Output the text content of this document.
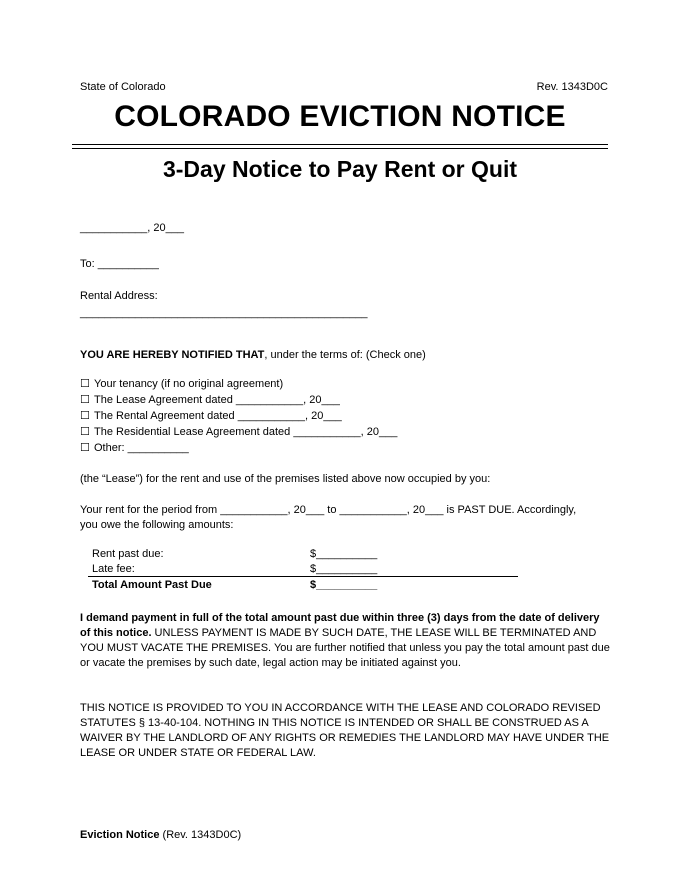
State of Colorado	Rev. 1343D0C
COLORADO EVICTION NOTICE
3-Day Notice to Pay Rent or Quit
___________, 20___
To: __________
Rental Address:
_______________________________________________
YOU ARE HEREBY NOTIFIED THAT, under the terms of: (Check one)
☐ Your tenancy (if no original agreement)
☐ The Lease Agreement dated ___________, 20___
☐ The Rental Agreement dated ___________, 20___
☐ The Residential Lease Agreement dated ___________, 20___
☐ Other: __________
(the “Lease”) for the rent and use of the premises listed above now occupied by you:
Your rent for the period from ___________, 20___ to ___________, 20___ is PAST DUE. Accordingly,
you owe the following amounts:
Rent past due:	$__________
Late fee:	$__________
Total Amount Past Due	$__________
I demand payment in full of the total amount past due within three (3) days from the date of delivery of this notice. UNLESS PAYMENT IS MADE BY SUCH DATE, THE LEASE WILL BE TERMINATED AND YOU MUST VACATE THE PREMISES. You are further notified that unless you pay the total amount past due or vacate the premises by such date, legal action may be initiated against you.
THIS NOTICE IS PROVIDED TO YOU IN ACCORDANCE WITH THE LEASE AND COLORADO REVISED STATUTES § 13-40-104. NOTHING IN THIS NOTICE IS INTENDED OR SHALL BE CONSTRUED AS A WAIVER BY THE LANDLORD OF ANY RIGHTS OR REMEDIES THE LANDLORD MAY HAVE UNDER THE LEASE OR UNDER STATE OR FEDERAL LAW.
Eviction Notice (Rev. 1343D0C)
